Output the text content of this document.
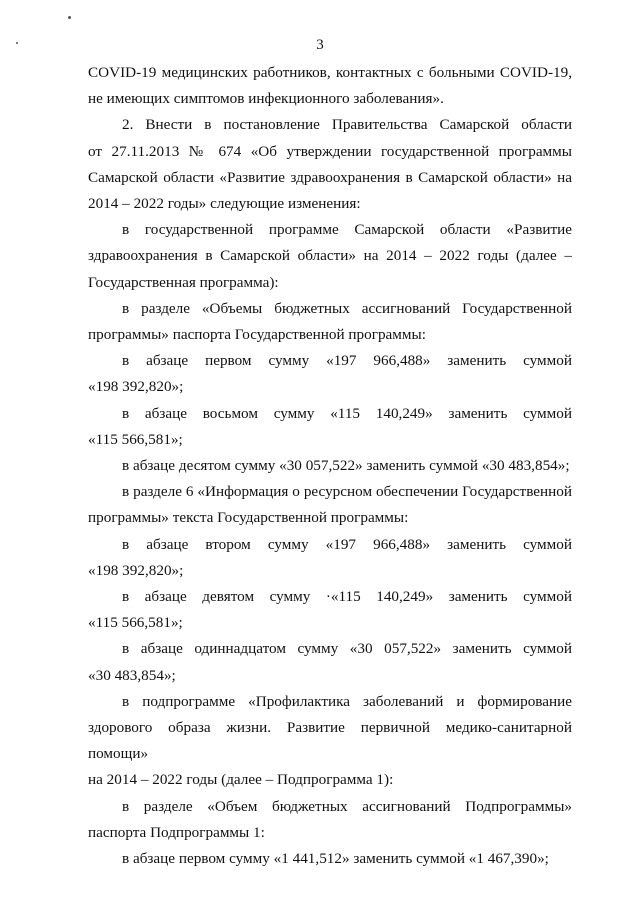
3

COVID-19 медицинских работников, контактных с больными COVID-19,

не имеющих симптомов инфекционного заболевания».

2. Внести в постановление Правительства Самарской области

от 27.11.2013 № 674 «Об утверждении государственной программы

Самарской области «Развитие здравоохранения в Самарской области» на

2014 – 2022 годы» следующие изменения:

в государственной программе Самарской области «Развитие

здравоохранения в Самарской области» на 2014 – 2022 годы (далее –

Государственная программа):

в разделе «Объемы бюджетных ассигнований Государственной

программы» паспорта Государственной программы:

в абзаце первом сумму «197 966,488» заменить суммой

«198 392,820»;

в абзаце восьмом сумму «115 140,249» заменить суммой

«115 566,581»;

в абзаце десятом сумму «30 057,522» заменить суммой «30 483,854»;

в разделе 6 «Информация о ресурсном обеспечении Государственной

программы» текста Государственной программы:

в абзаце втором сумму «197 966,488» заменить суммой

«198 392,820»;

в абзаце девятом сумму ·«115 140,249» заменить суммой

«115 566,581»;

в абзаце одиннадцатом сумму «30 057,522» заменить суммой

«30 483,854»;

в подпрограмме «Профилактика заболеваний и формирование

здорового образа жизни. Развитие первичной медико-санитарной помощи»

на 2014 – 2022 годы (далее – Подпрограмма 1):

в разделе «Объем бюджетных ассигнований Подпрограммы»

паспорта Подпрограммы 1:

в абзаце первом сумму «1 441,512» заменить суммой «1 467,390»;
